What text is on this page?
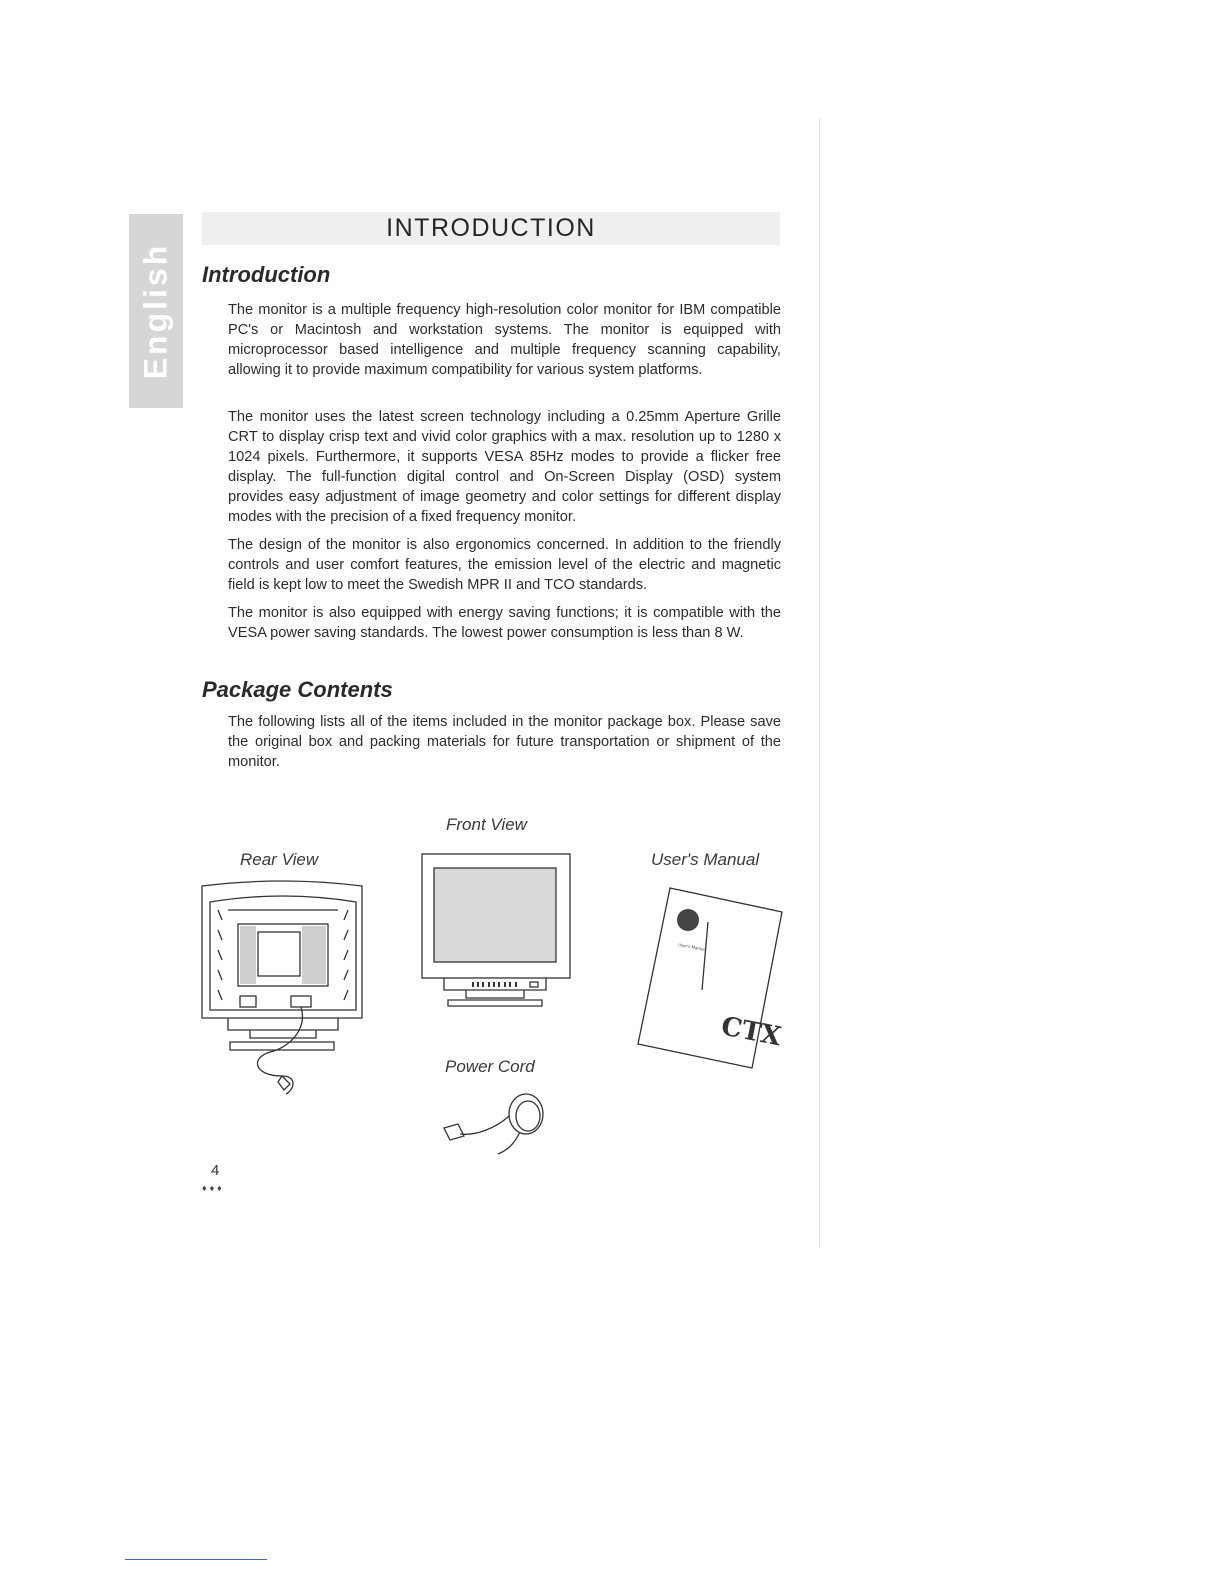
English
INTRODUCTION
Introduction

The monitor is a multiple frequency high-resolution color monitor for IBM compatible PC's or Macintosh and workstation systems. The monitor is equipped with microprocessor based intelligence and multiple frequency scanning capability, allowing it to provide maximum compatibility for various system platforms.

The monitor uses the latest screen technology including a 0.25mm Aperture Grille CRT to display crisp text and vivid color graphics with a max. resolution up to 1280 x 1024 pixels. Furthermore, it supports VESA 85Hz modes to provide a flicker free display. The full-function digital control and On-Screen Display (OSD) system provides easy adjustment of image geometry and color settings for different display modes with the precision of a fixed frequency monitor.

The design of the monitor is also ergonomics concerned. In addition to the friendly controls and user comfort features, the emission level of the electric and magnetic field is kept low to meet the Swedish MPR II and TCO standards.

The monitor is also equipped with energy saving functions; it is compatible with the VESA power saving standards. The lowest power consumption is less than 8 W.

Package Contents

The following lists all of the items included in the monitor package box. Please save the original box and packing materials for future transportation or shipment of the monitor.

Front View
Rear View	User's Manual
Power Cord
User's Manual
CTX
4
♦♦♦
